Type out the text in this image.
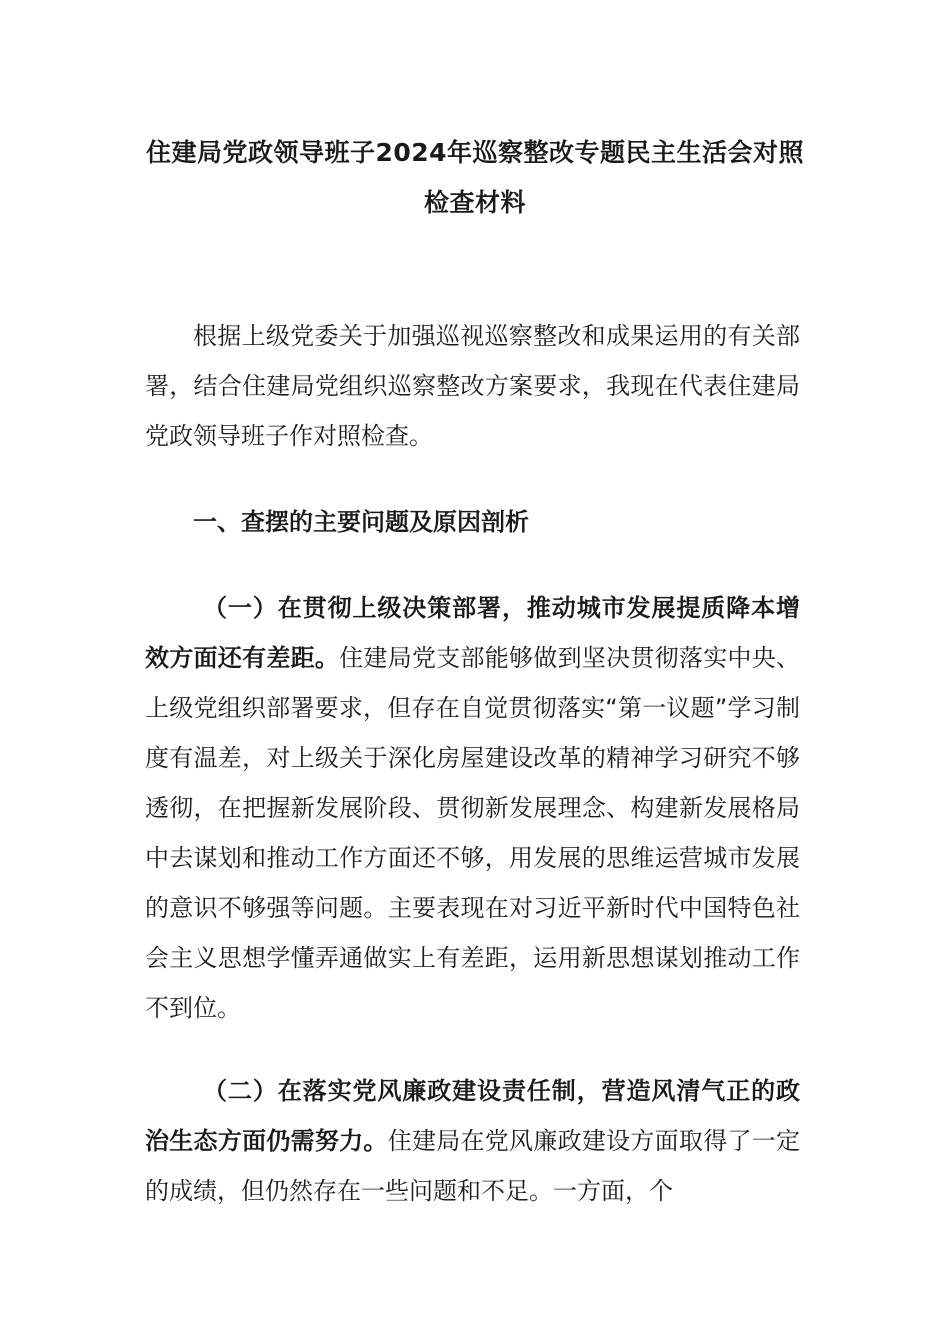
住建局党政领导班子2024年巡察整改专题民主生活会对照检查材料

根据上级党委关于加强巡视巡察整改和成果运用的有关部署，结合住建局党组织巡察整改方案要求，我现在代表住建局党政领导班子作对照检查。

一、查摆的主要问题及原因剖析

（一）在贯彻上级决策部署，推动城市发展提质降本增效方面还有差距。住建局党支部能够做到坚决贯彻落实中央、上级党组织部署要求，但存在自觉贯彻落实“第一议题”学习制度有温差，对上级关于深化房屋建设改革的精神学习研究不够透彻，在把握新发展阶段、贯彻新发展理念、构建新发展格局中去谋划和推动工作方面还不够，用发展的思维运营城市发展的意识不够强等问题。主要表现在对习近平新时代中国特色社会主义思想学懂弄通做实上有差距，运用新思想谋划推动工作不到位。

（二）在落实党风廉政建设责任制，营造风清气正的政治生态方面仍需努力。住建局在党风廉政建设方面取得了一定的成绩，但仍然存在一些问题和不足。一方面，个
